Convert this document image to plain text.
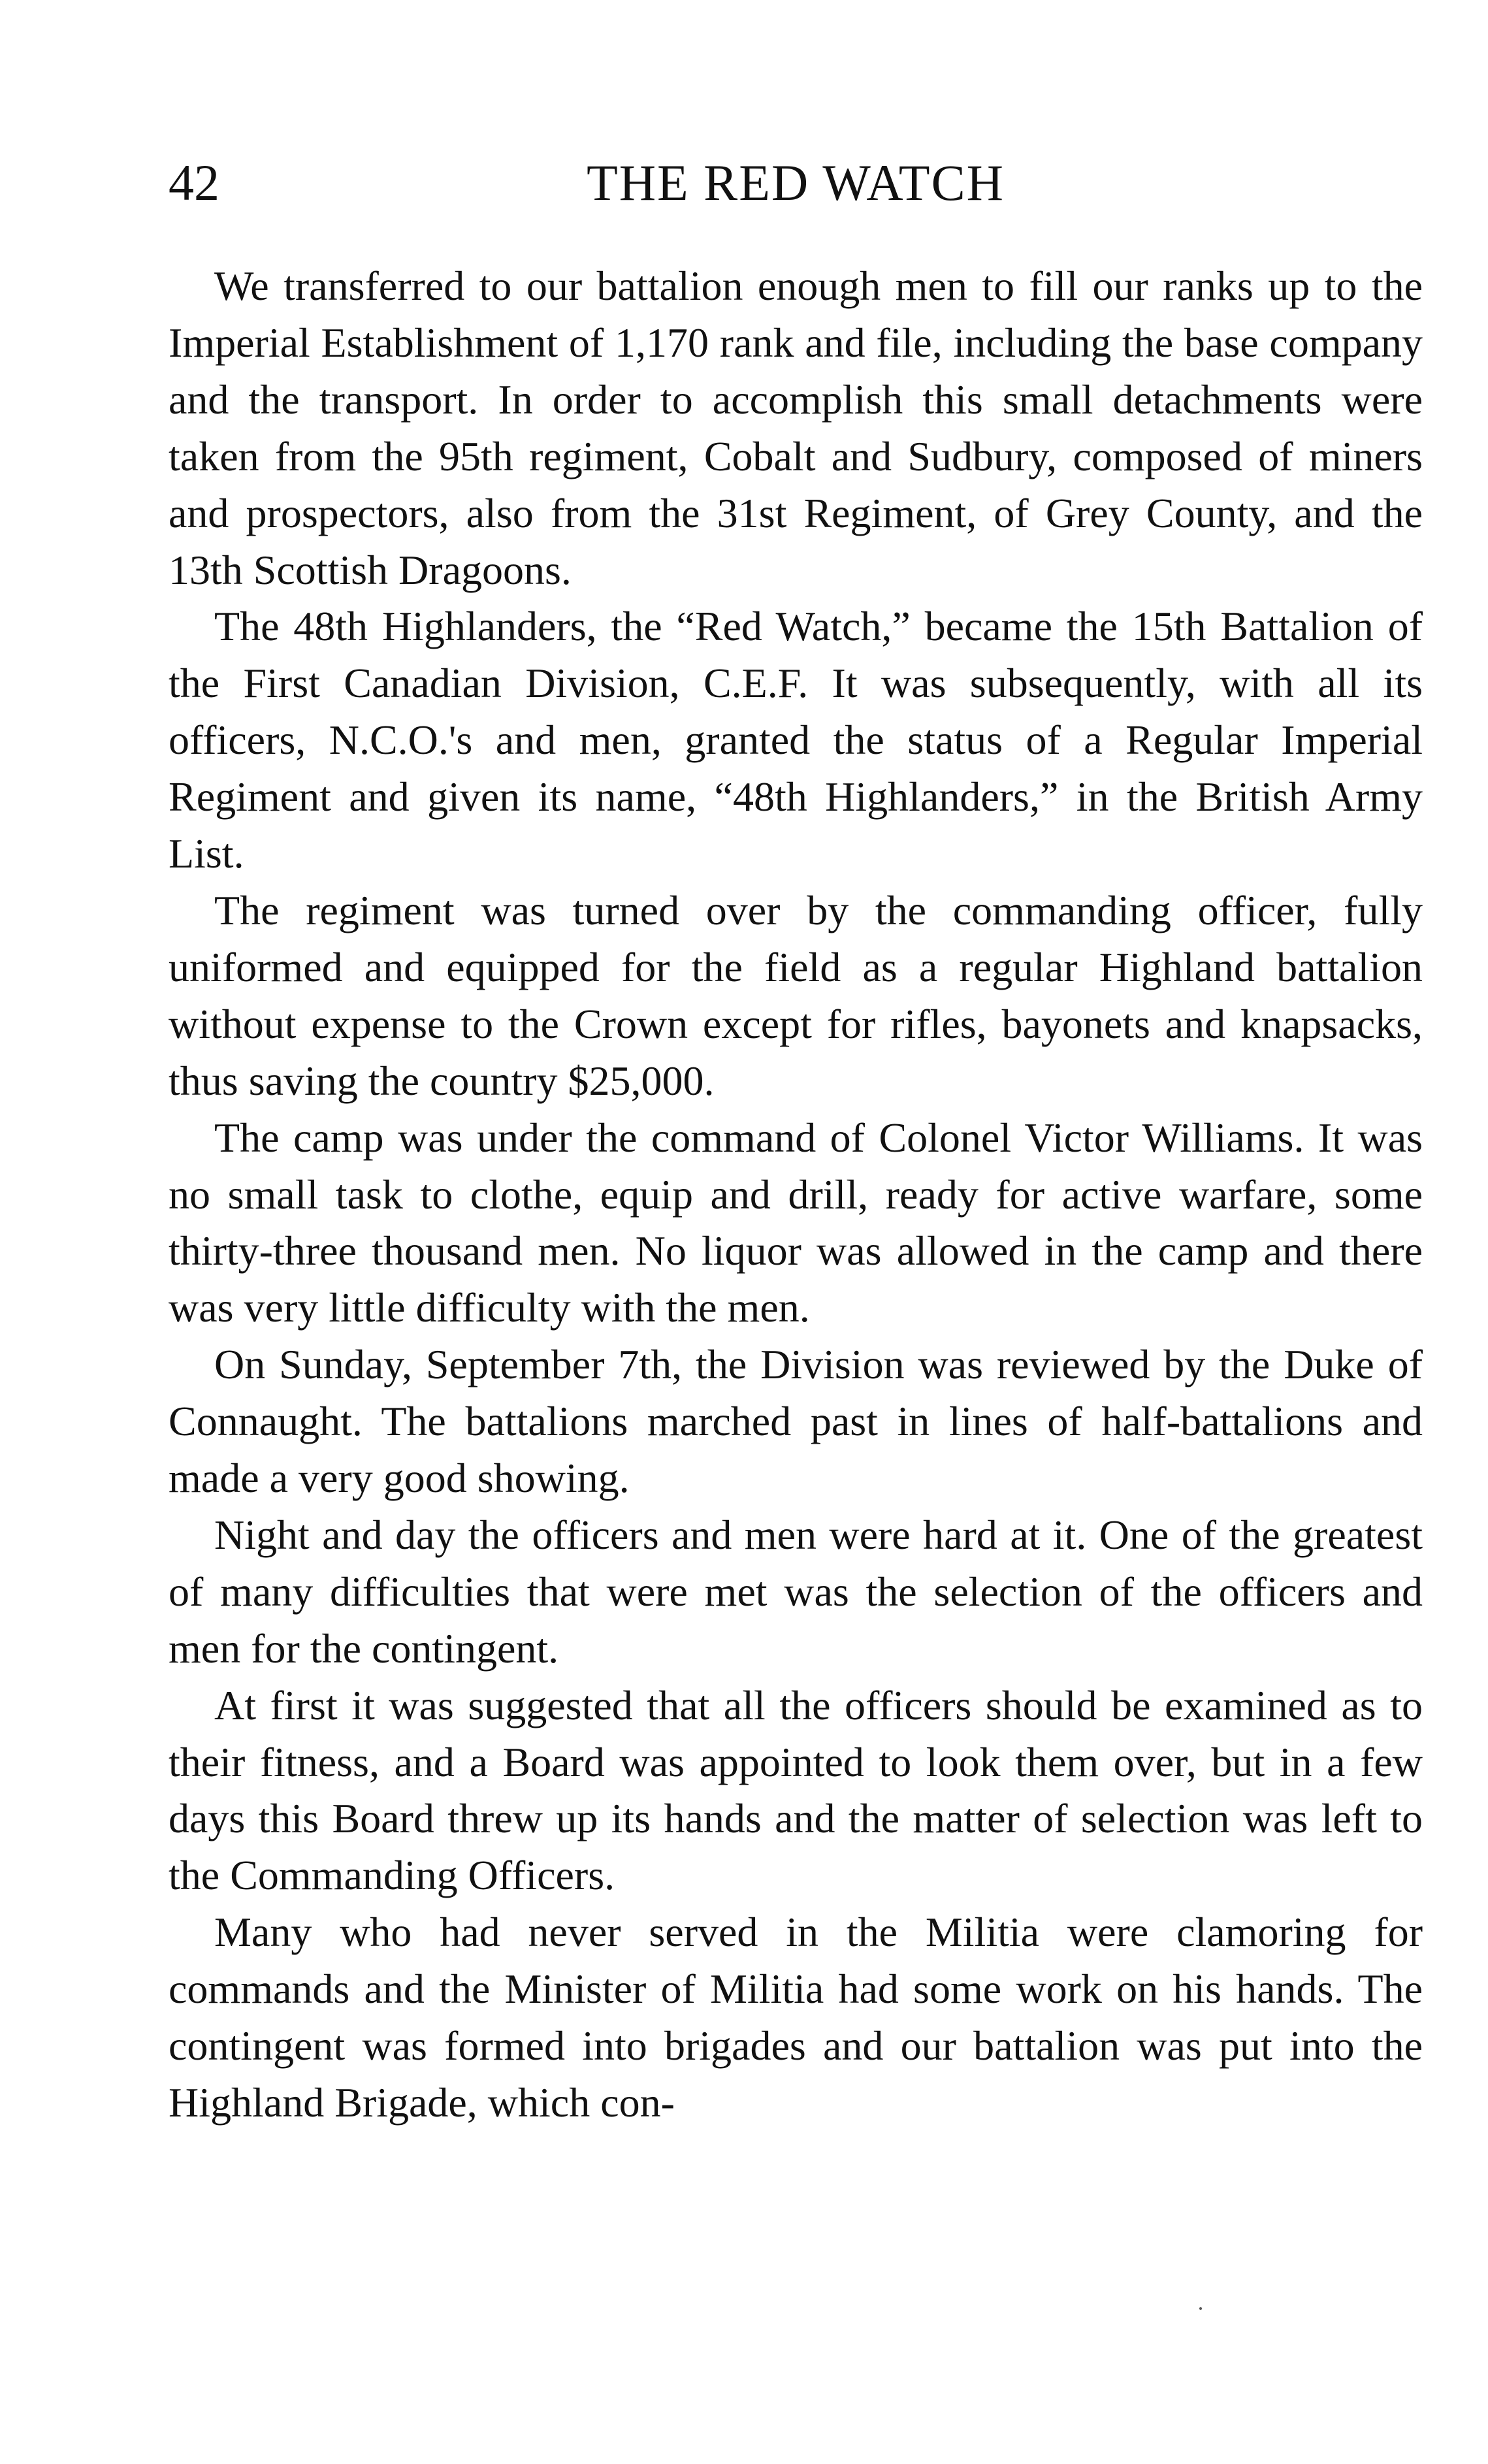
42	THE RED WATCH

We transferred to our battalion enough men to fill our ranks up to the Imperial Establishment of 1,170 rank and file, including the base company and the transport. In order to accomplish this small detachments were taken from the 95th regiment, Cobalt and Sudbury, composed of miners and prospectors, also from the 31st Regiment, of Grey County, and the 13th Scottish Dragoons.

The 48th Highlanders, the “Red Watch,” became the 15th Battalion of the First Canadian Division, C.E.F. It was subsequently, with all its officers, N.C.O.'s and men, granted the status of a Regular Imperial Regiment and given its name, “48th Highlanders,” in the British Army List.

The regiment was turned over by the commanding officer, fully uniformed and equipped for the field as a regular Highland battalion without expense to the Crown except for rifles, bayonets and knapsacks, thus saving the country $25,000.

The camp was under the command of Colonel Victor Williams. It was no small task to clothe, equip and drill, ready for active warfare, some thirty-three thousand men. No liquor was allowed in the camp and there was very little difficulty with the men.

On Sunday, September 7th, the Division was reviewed by the Duke of Connaught. The battalions marched past in lines of half-battalions and made a very good showing.

Night and day the officers and men were hard at it. One of the greatest of many difficulties that were met was the selection of the officers and men for the contingent.

At first it was suggested that all the officers should be examined as to their fitness, and a Board was appointed to look them over, but in a few days this Board threw up its hands and the matter of selection was left to the Commanding Officers.

Many who had never served in the Militia were clamoring for commands and the Minister of Militia had some work on his hands. The contingent was formed into brigades and our battalion was put into the Highland Brigade, which con-
